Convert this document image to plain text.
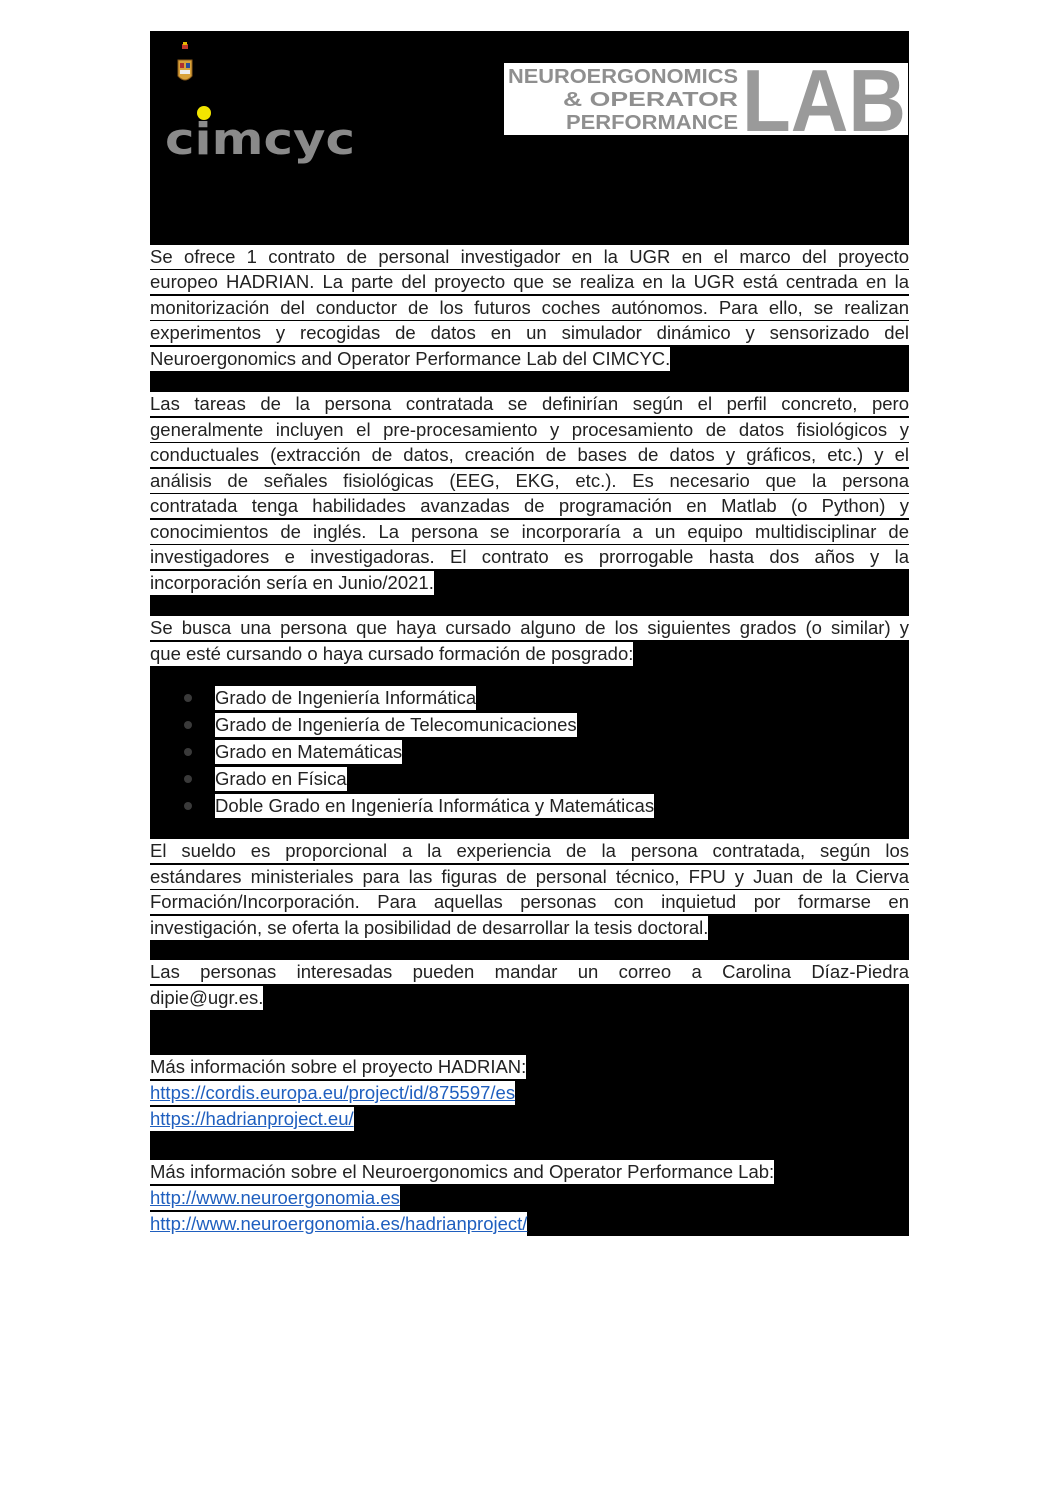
cimcyc
NEUROERGONOMICS
& OPERATOR
PERFORMANCE LAB
Se ofrece 1 contrato de personal investigador en la UGR en el marco del proyecto
europeo HADRIAN. La parte del proyecto que se realiza en la UGR está centrada en la
monitorización del conductor de los futuros coches autónomos. Para ello, se realizan
experimentos y recogidas de datos en un simulador dinámico y sensorizado del
Neuroergonomics and Operator Performance Lab del CIMCYC.
Las tareas de la persona contratada se definirían según el perfil concreto, pero
generalmente incluyen el pre-procesamiento y procesamiento de datos fisiológicos y
conductuales (extracción de datos, creación de bases de datos y gráficos, etc.) y el
análisis de señales fisiológicas (EEG, EKG, etc.). Es necesario que la persona
contratada tenga habilidades avanzadas de programación en Matlab (o Python) y
conocimientos de inglés. La persona se incorporaría a un equipo multidisciplinar de
investigadores e investigadoras. El contrato es prorrogable hasta dos años y la
incorporación sería en Junio/2021.
Se busca una persona que haya cursado alguno de los siguientes grados (o similar) y
que esté cursando o haya cursado formación de posgrado:
Grado de Ingeniería Informática
Grado de Ingeniería de Telecomunicaciones
Grado en Matemáticas
Grado en Física
Doble Grado en Ingeniería Informática y Matemáticas
El sueldo es proporcional a la experiencia de la persona contratada, según los
estándares ministeriales para las figuras de personal técnico, FPU y Juan de la Cierva
Formación/Incorporación. Para aquellas personas con inquietud por formarse en
investigación, se oferta la posibilidad de desarrollar la tesis doctoral.
Las personas interesadas pueden mandar un correo a Carolina Díaz-Piedra
dipie@ugr.es.
Más información sobre el proyecto HADRIAN:
https://cordis.europa.eu/project/id/875597/es
https://hadrianproject.eu/
Más información sobre el Neuroergonomics and Operator Performance Lab:
http://www.neuroergonomia.es
http://www.neuroergonomia.es/hadrianproject/
